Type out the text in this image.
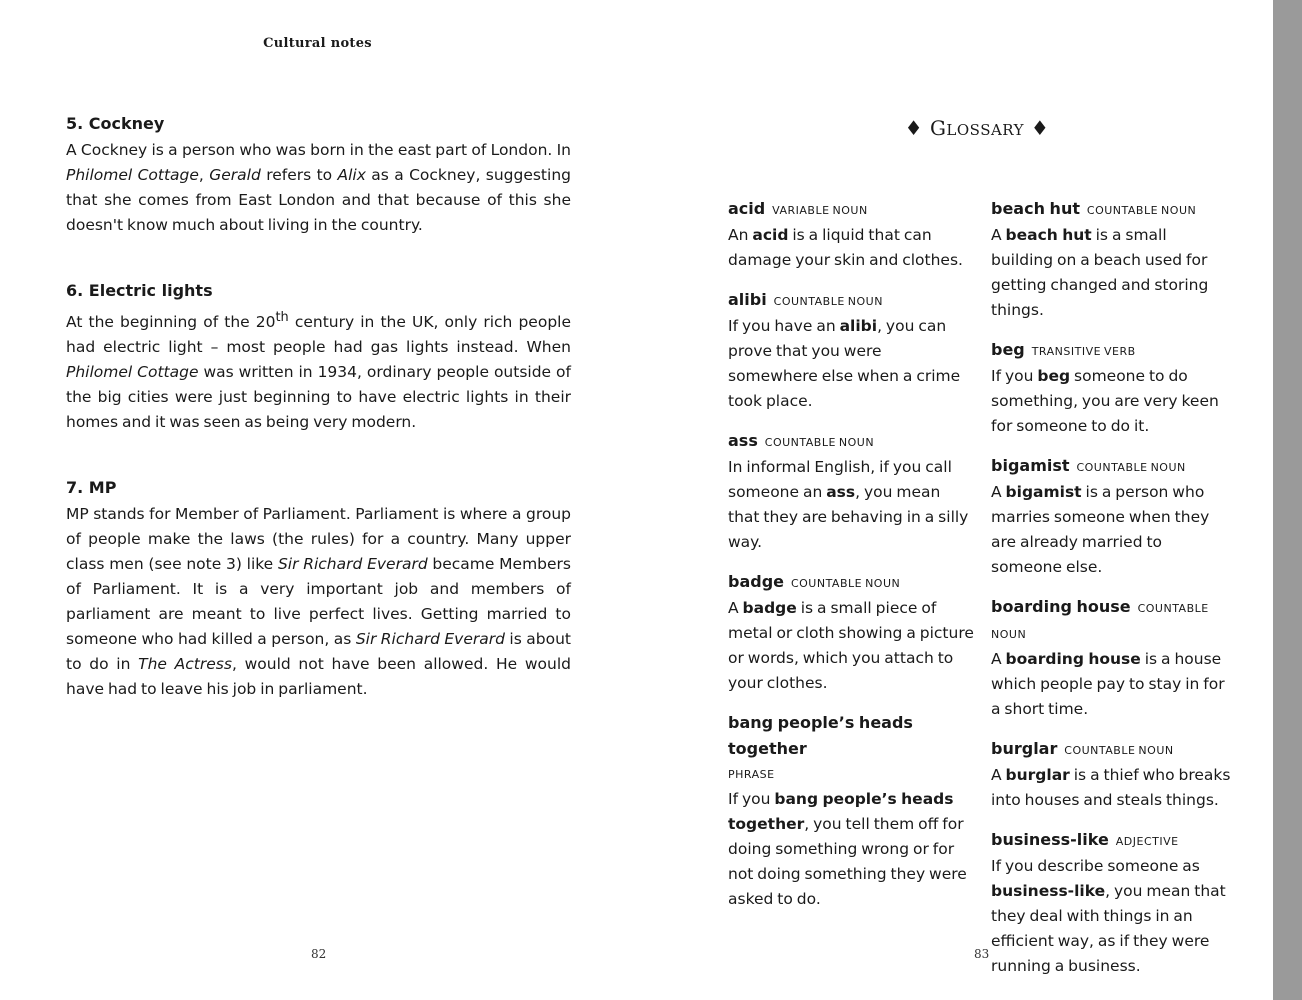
Cultural notes
5. Cockney

A Cockney is a person who was born in the east part of London. In Philomel Cottage, Gerald refers to Alix as a Cockney, suggesting that she comes from East London and that because of this she doesn't know much about living in the country.

6. Electric lights

At the beginning of the 20th century in the UK, only rich people had electric light – most people had gas lights instead. When Philomel Cottage was written in 1934, ordinary people outside of the big cities were just beginning to have electric lights in their homes and it was seen as being very modern.

7. MP

MP stands for Member of Parliament. Parliament is where a group of people make the laws (the rules) for a country. Many upper class men (see note 3) like Sir Richard Everard became Members of Parliament. It is a very important job and members of parliament are meant to live perfect lives. Getting married to someone who had killed a person, as Sir Richard Everard is about to do in The Actress, would not have been allowed. He would have had to leave his job in parliament.

82
♦ GLOSSARY ♦
acid VARIABLE NOUN
An acid is a liquid that can damage your skin and clothes.
alibi COUNTABLE NOUN
If you have an alibi, you can prove that you were somewhere else when a crime took place.
ass COUNTABLE NOUN
In informal English, if you call someone an ass, you mean that they are behaving in a silly way.
badge COUNTABLE NOUN
A badge is a small piece of metal or cloth showing a picture or words, which you attach to your clothes.
bang people’s heads together
PHRASE
If you bang people’s heads together, you tell them off for doing something wrong or for not doing something they were asked to do.
beach hut COUNTABLE NOUN
A beach hut is a small building on a beach used for getting changed and storing things.
beg TRANSITIVE VERB
If you beg someone to do something, you are very keen for someone to do it.
bigamist COUNTABLE NOUN
A bigamist is a person who marries someone when they are already married to someone else.
boarding house COUNTABLE NOUN
A boarding house is a house which people pay to stay in for a short time.
burglar COUNTABLE NOUN
A burglar is a thief who breaks into houses and steals things.
business-like ADJECTIVE
If you describe someone as business-like, you mean that they deal with things in an efficient way, as if they were running a business.
83
